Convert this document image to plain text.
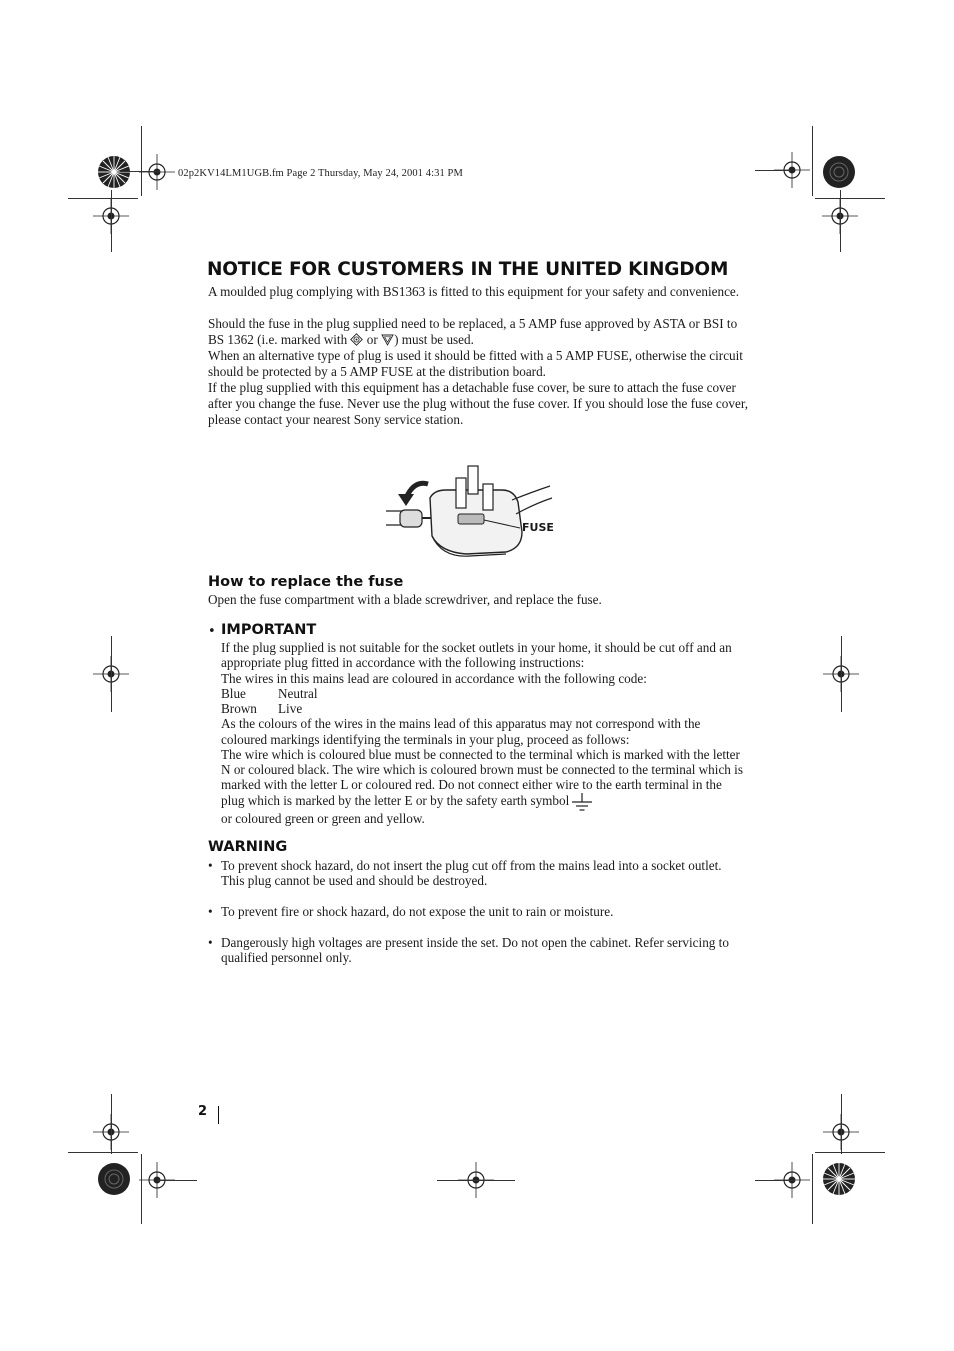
02p2KV14LM1UGB.fm Page 2 Thursday, May 24, 2001 4:31 PM
NOTICE FOR CUSTOMERS IN THE UNITED KINGDOM

A moulded plug complying with BS1363 is fitted to this equipment for your safety and convenience.

Should the fuse in the plug supplied need to be replaced, a 5 AMP fuse approved by ASTA or BSI to BS 1362 (i.e. marked with  or ) must be used.

When an alternative type of plug is used it should be fitted with a 5 AMP FUSE, otherwise the circuit should be protected by a 5 AMP FUSE at the distribution board.

If the plug supplied with this equipment has a detachable fuse cover, be sure to attach the fuse cover after you change the fuse. Never use the plug without the fuse cover. If you should lose the fuse cover, please contact your nearest Sony service station.

FUSE
How to replace the fuse

Open the fuse compartment with a blade screwdriver, and replace the fuse.

• IMPORTANT
If the plug supplied is not suitable for the socket outlets in your home, it should be cut off and an appropriate plug fitted in accordance with the following instructions:
The wires in this mains lead are coloured in accordance with the following code:
Blue	Neutral
Brown	Live
As the colours of the wires in the mains lead of this apparatus may not correspond with the coloured markings identifying the terminals in your plug, proceed as follows:
The wire which is coloured blue must be connected to the terminal which is marked with the letter N or coloured black. The wire which is coloured brown must be connected to the terminal which is marked with the letter L or coloured red. Do not connect either wire to the earth terminal in the plug which is marked by the letter E or by the safety earth symbol
or coloured green or green and yellow.
WARNING
• To prevent shock hazard, do not insert the plug cut off from the mains lead into a socket outlet. This plug cannot be used and should be destroyed.
• To prevent fire or shock hazard, do not expose the unit to rain or moisture.
• Dangerously high voltages are present inside the set. Do not open the cabinet. Refer servicing to qualified personnel only.
2
